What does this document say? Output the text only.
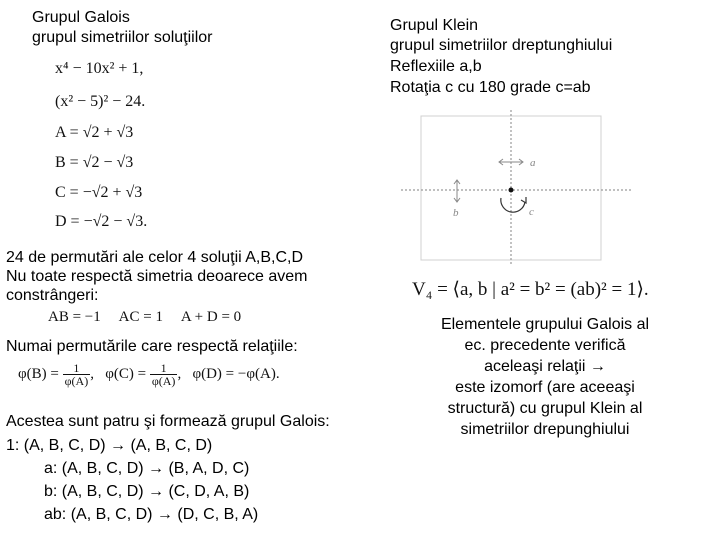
Grupul Galois
grupul simetriilor soluţiilor
x⁴ − 10x² + 1,
(x² − 5)² − 24.
A = √2 + √3
B = √2 − √3
C = −√2 + √3
D = −√2 − √3.
24 de permutări ale celor 4 soluţii A,B,C,D
Nu toate respectă simetria deoarece avem
constrângeri:
AB = −1     AC = 1     A + D = 0
Numai permutările care respectă relaţiile:
$\varphi(B) = \frac{1}{\varphi(A)}$ ,   $\varphi(C) = \frac{1}{\varphi(A)}$ ,   φ(D) = −φ(A).
Acestea sunt patru şi formează grupul Galois:
1: (A, B, C, D) → (A, B, C, D)
a: (A, B, C, D) → (B, A, D, C)
b: (A, B, C, D) → (C, D, A, B)
ab: (A, B, C, D) → (D, C, B, A)
Grupul Klein
grupul simetriilor dreptunghiului
Reflexiile a,b
Rotaţia c cu 180 grade c=ab
a
b	c
V₄ = ⟨a, b | a² = b² = (ab)² = 1⟩.
Elementele grupului Galois al
ec. precedente verifică
aceleaşi relaţii →
este izomorf (are aceeaşi
structură) cu grupul Klein al
simetriilor drepunghiului
